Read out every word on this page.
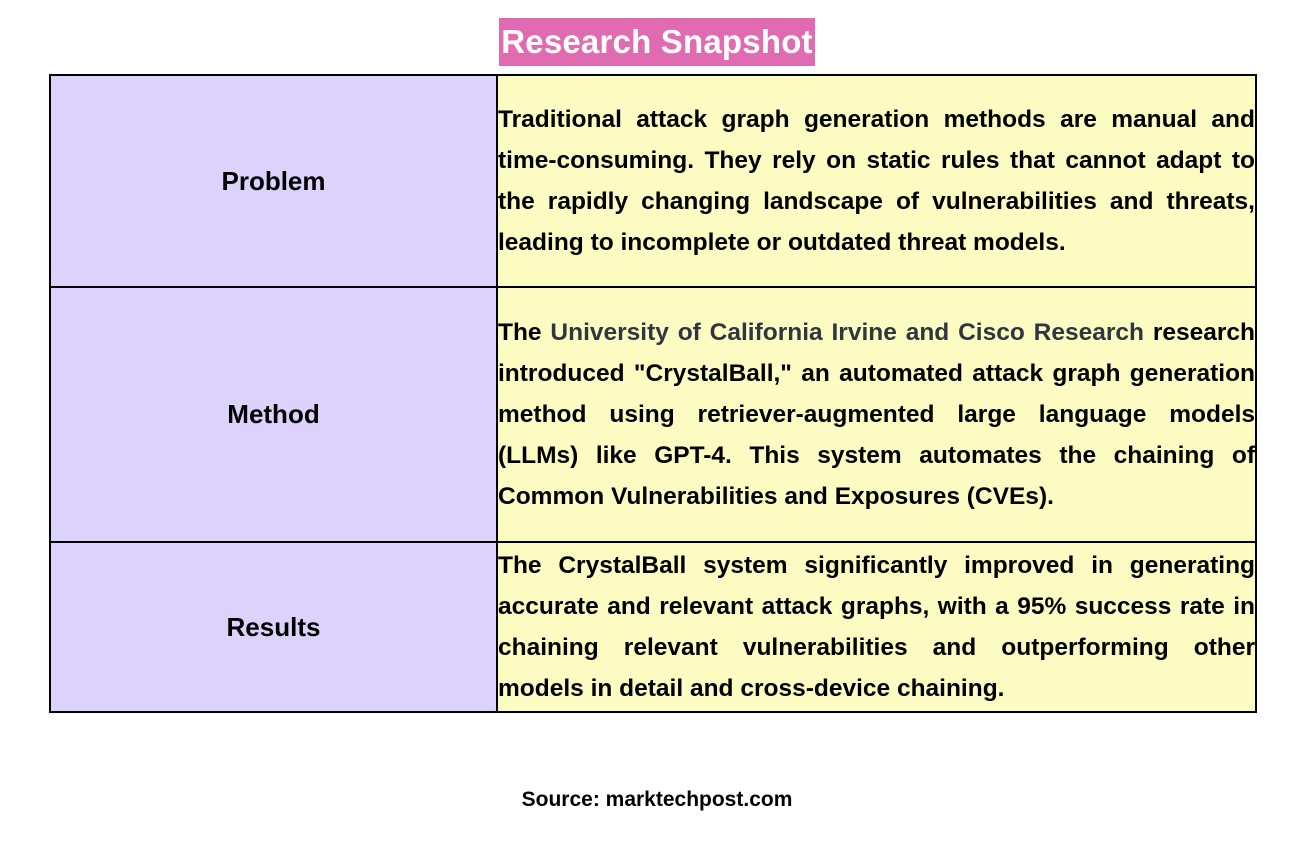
Research Snapshot
Problem	Traditional attack graph generation methods are manual and time-consuming. They rely on static rules that cannot adapt to the rapidly changing landscape of vulnerabilities and threats, leading to incomplete or outdated threat models.
Method	The University of California Irvine and Cisco Research research introduced "CrystalBall," an automated attack graph generation method using retriever-augmented large language models (LLMs) like GPT-4. This system automates the chaining of Common Vulnerabilities and Exposures (CVEs).
Results	The CrystalBall system significantly improved in generating accurate and relevant attack graphs, with a 95% success rate in chaining relevant vulnerabilities and outperforming other models in detail and cross-device chaining.
Source: marktechpost.com
